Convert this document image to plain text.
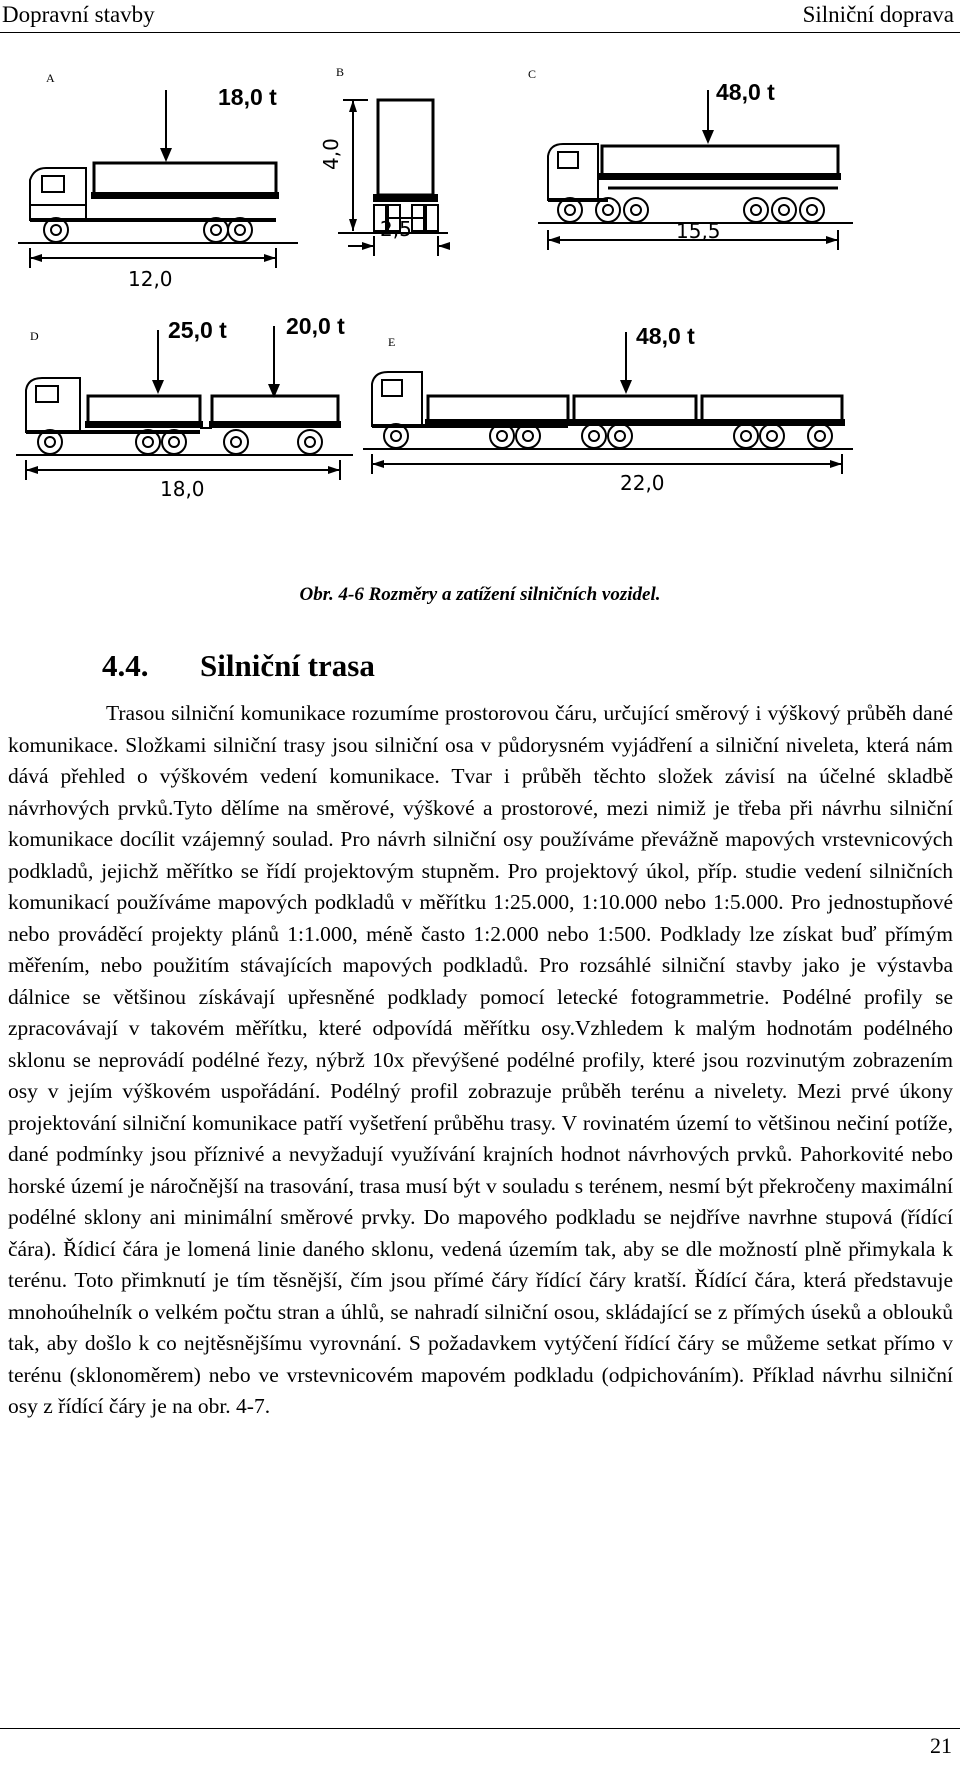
Dopravní stavby	Silniční doprava
A
18,0 t
12,0
B
4,0
2,5
C
48,0 t
15,5
D	25,0 t	20,0 t
18,0
E	48,0 t
22,0
Obr. 4-6 Rozměry a zatížení silničních vozidel.
4.4. Silniční trasa

Trasou silniční komunikace rozumíme prostorovou čáru, určující směrový i výškový průběh dané komunikace. Složkami silniční trasy jsou silniční osa v půdorysném vyjádření a silniční niveleta, která nám dává přehled o výškovém vedení komunikace. Tvar i průběh těchto složek závisí na účelné skladbě návrhových prvků.Tyto dělíme na směrové, výškové a prostorové, mezi nimiž je třeba při návrhu silniční komunikace docílit vzájemný soulad. Pro návrh silniční osy používáme převážně mapových vrstevnicových podkladů, jejichž měřítko se řídí projektovým stupněm. Pro projektový úkol, příp. studie vedení silničních komunikací používáme mapových podkladů v měřítku 1:25.000, 1:10.000 nebo 1:5.000. Pro jednostupňové nebo prováděcí projekty plánů 1:1.000, méně často 1:2.000 nebo 1:500. Podklady lze získat buď přímým měřením, nebo použitím stávajících mapových podkladů. Pro rozsáhlé silniční stavby jako je výstavba dálnice se většinou získávají upřesněné podklady pomocí letecké fotogrammetrie. Podélné profily se zpracovávají v takovém měřítku, které odpovídá měřítku osy.Vzhledem k malým hodnotám podélného sklonu se neprovádí podélné řezy, nýbrž 10x převýšené podélné profily, které jsou rozvinutým zobrazením osy v jejím výškovém uspořádání. Podélný profil zobrazuje průběh terénu a nivelety. Mezi prvé úkony projektování silniční komunikace patří vyšetření průběhu trasy. V rovinatém území to většinou nečiní potíže, dané podmínky jsou příznivé a nevyžadují využívání krajních hodnot návrhových prvků. Pahorkovité nebo horské území je náročnější na trasování, trasa musí být v souladu s terénem, nesmí být překročeny maximální podélné sklony ani minimální směrové prvky. Do mapového podkladu se nejdříve navrhne stupová (řídící čára). Řídicí čára je lomená linie daného sklonu, vedená územím tak, aby se dle možností plně přimykala k terénu. Toto přimknutí je tím těsnější, čím jsou přímé čáry řídící čáry kratší. Řídící čára, která představuje mnohoúhelník o velkém počtu stran a úhlů, se nahradí silniční osou, skládající se z přímých úseků a oblouků tak, aby došlo k co nejtěsnějšímu vyrovnání. S požadavkem vytýčení řídící čáry se můžeme setkat přímo v terénu (sklonoměrem) nebo ve vrstevnicovém mapovém podkladu (odpichováním). Příklad návrhu silniční osy z řídící čáry je na obr. 4-7.

21
